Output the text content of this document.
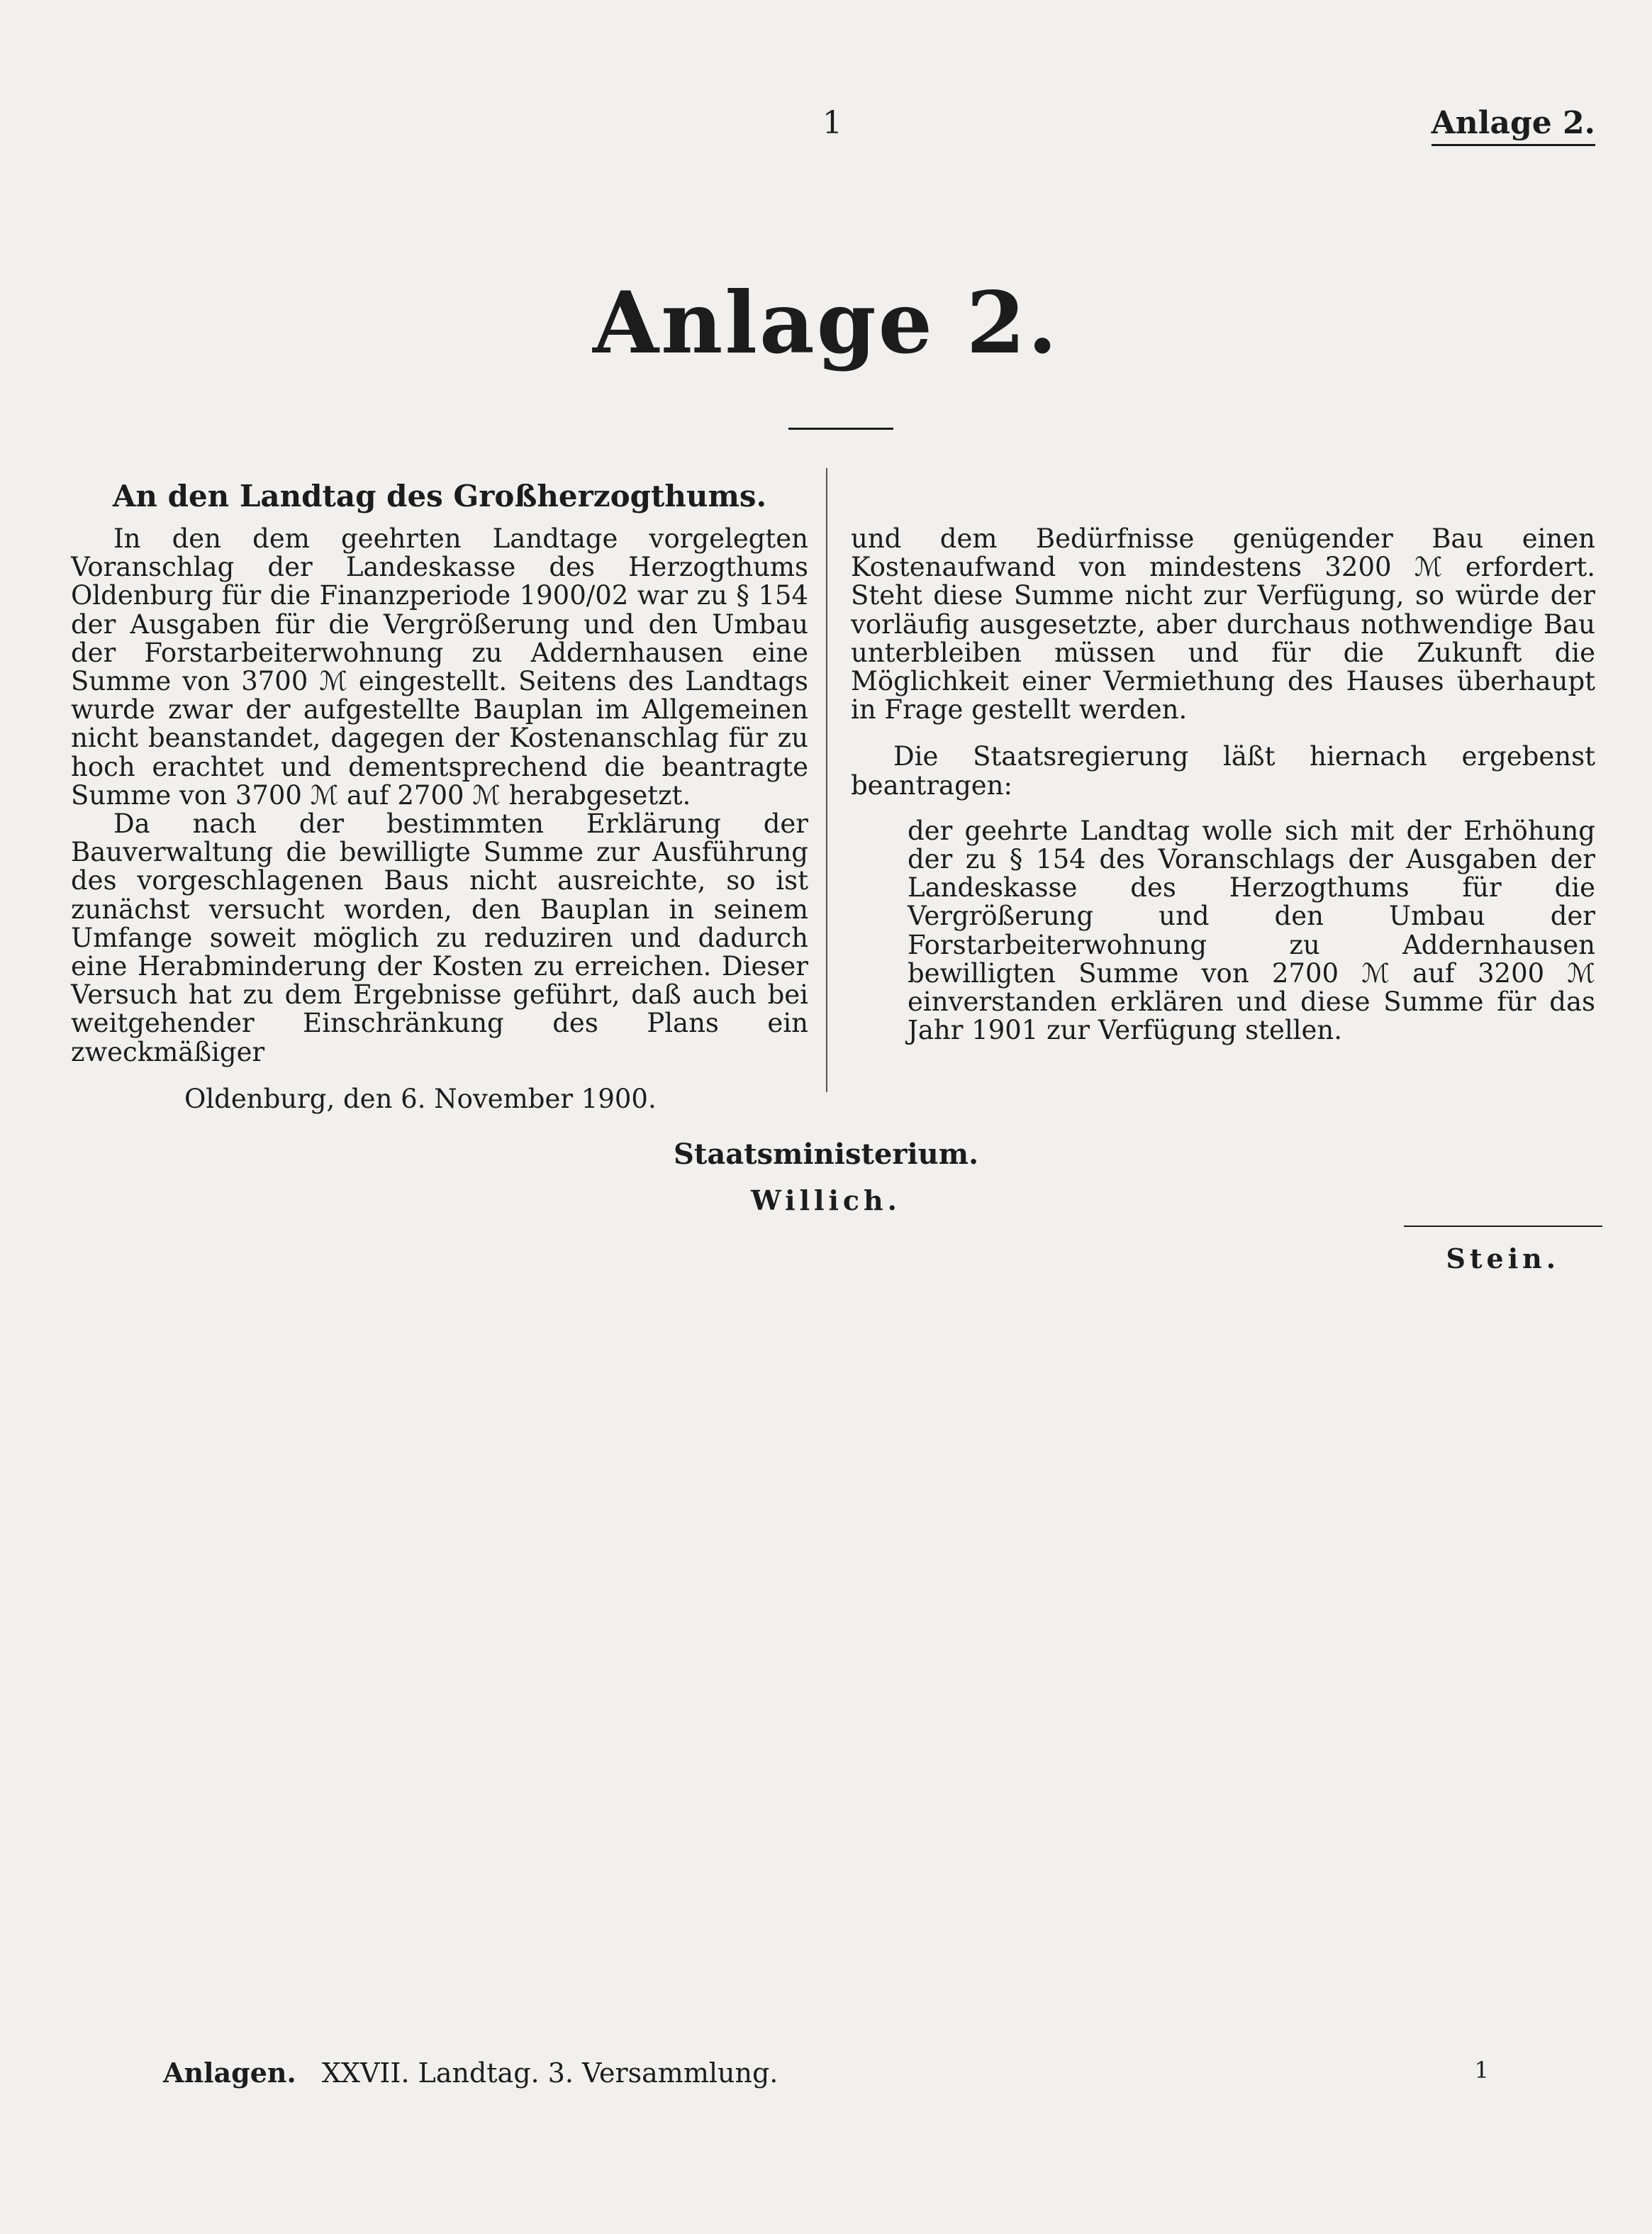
1	Anlage 2.
Anlage 2.
An den Landtag des Großherzogthums.

In den dem geehrten Landtage vorgelegten Voranschlag der Landeskasse des Herzogthums Oldenburg für die Finanzperiode 1900/02 war zu § 154 der Ausgaben für die Vergrößerung und den Umbau der Forstarbeiterwohnung zu Addernhausen eine Summe von 3700 ℳ eingestellt. Seitens des Landtags wurde zwar der aufgestellte Bauplan im Allgemeinen nicht beanstandet, dagegen der Kostenanschlag für zu hoch erachtet und dementsprechend die beantragte Summe von 3700 ℳ auf 2700 ℳ herabgesetzt.

Da nach der bestimmten Erklärung der Bauverwaltung die bewilligte Summe zur Ausführung des vorgeschlagenen Baus nicht ausreichte, so ist zunächst versucht worden, den Bauplan in seinem Umfange soweit möglich zu reduziren und dadurch eine Herabminderung der Kosten zu erreichen. Dieser Versuch hat zu dem Ergebnisse geführt, daß auch bei weitgehender Einschränkung des Plans ein zweckmäßiger

und dem Bedürfnisse genügender Bau einen Kostenaufwand von mindestens 3200 ℳ erfordert. Steht diese Summe nicht zur Verfügung, so würde der vorläufig ausgesetzte, aber durchaus nothwendige Bau unterbleiben müssen und für die Zukunft die Möglichkeit einer Vermiethung des Hauses überhaupt in Frage gestellt werden.

Die Staatsregierung läßt hiernach ergebenst beantragen:

der geehrte Landtag wolle sich mit der Erhöhung der zu § 154 des Voranschlags der Ausgaben der Landeskasse des Herzogthums für die Vergrößerung und den Umbau der Forstarbeiterwohnung zu Addernhausen bewilligten Summe von 2700 ℳ auf 3200 ℳ einverstanden erklären und diese Summe für das Jahr 1901 zur Verfügung stellen.

Oldenburg, den 6. November 1900.
Staatsministerium.
Willich.
Stein.
Anlagen. XXVII. Landtag. 3. Versammlung.	1
